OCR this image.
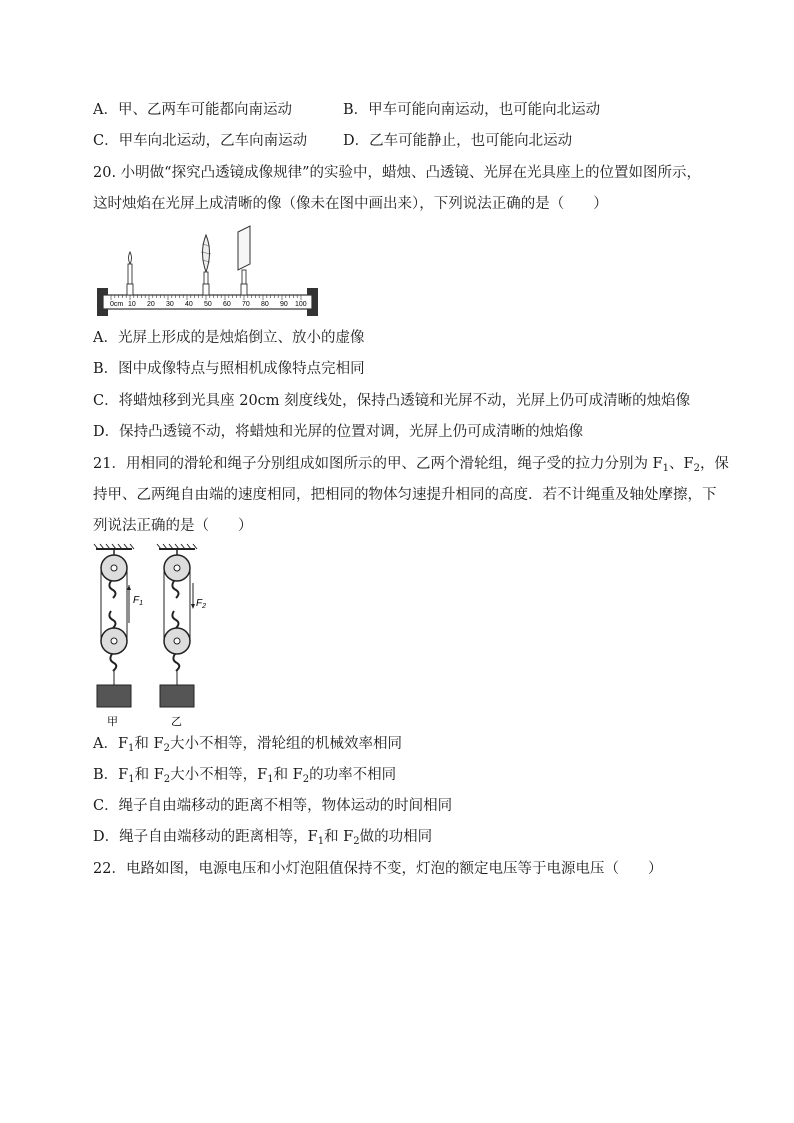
A．甲、乙两车可能都向南运动	B．甲车可能向南运动，也可能向北运动
C．甲车向北运动，乙车向南运动 D．乙车可能静止，也可能向北运动
20. 小明做“探究凸透镜成像规律”的实验中，蜡烛、凸透镜、光屏在光具座上的位置如图所示，
这时烛焰在光屏上成清晰的像（像未在图中画出来），下列说法正确的是（　　）
0cm 10 20 30 40 50 60 70 80 90 100
A．光屏上形成的是烛焰倒立、放小的虚像
B．图中成像特点与照相机成像特点完相同
C．将蜡烛移到光具座 20cm 刻度线处，保持凸透镜和光屏不动，光屏上仍可成清晰的烛焰像
D．保持凸透镜不动，将蜡烛和光屏的位置对调，光屏上仍可成清晰的烛焰像
21．用相同的滑轮和绳子分别组成如图所示的甲、乙两个滑轮组，绳子受的拉力分别为 $F_1$、$F_2$，保
持甲、乙两绳自由端的速度相同，把相同的物体匀速提升相同的高度．若不计绳重及轴处摩擦，下
列说法正确的是（　　）
$F_1$
甲
$F_2$
乙
A．$F_1$和 $F_2$大小不相等，滑轮组的机械效率相同
B．$F_1$和 $F_2$大小不相等，$F_1$和 $F_2$的功率不相同
C．绳子自由端移动的距离不相等，物体运动的时间相同
D．绳子自由端移动的距离相等，$F_1$和 $F_2$做的功相同
22．电路如图，电源电压和小灯泡阻值保持不变，灯泡的额定电压等于电源电压（　　）
